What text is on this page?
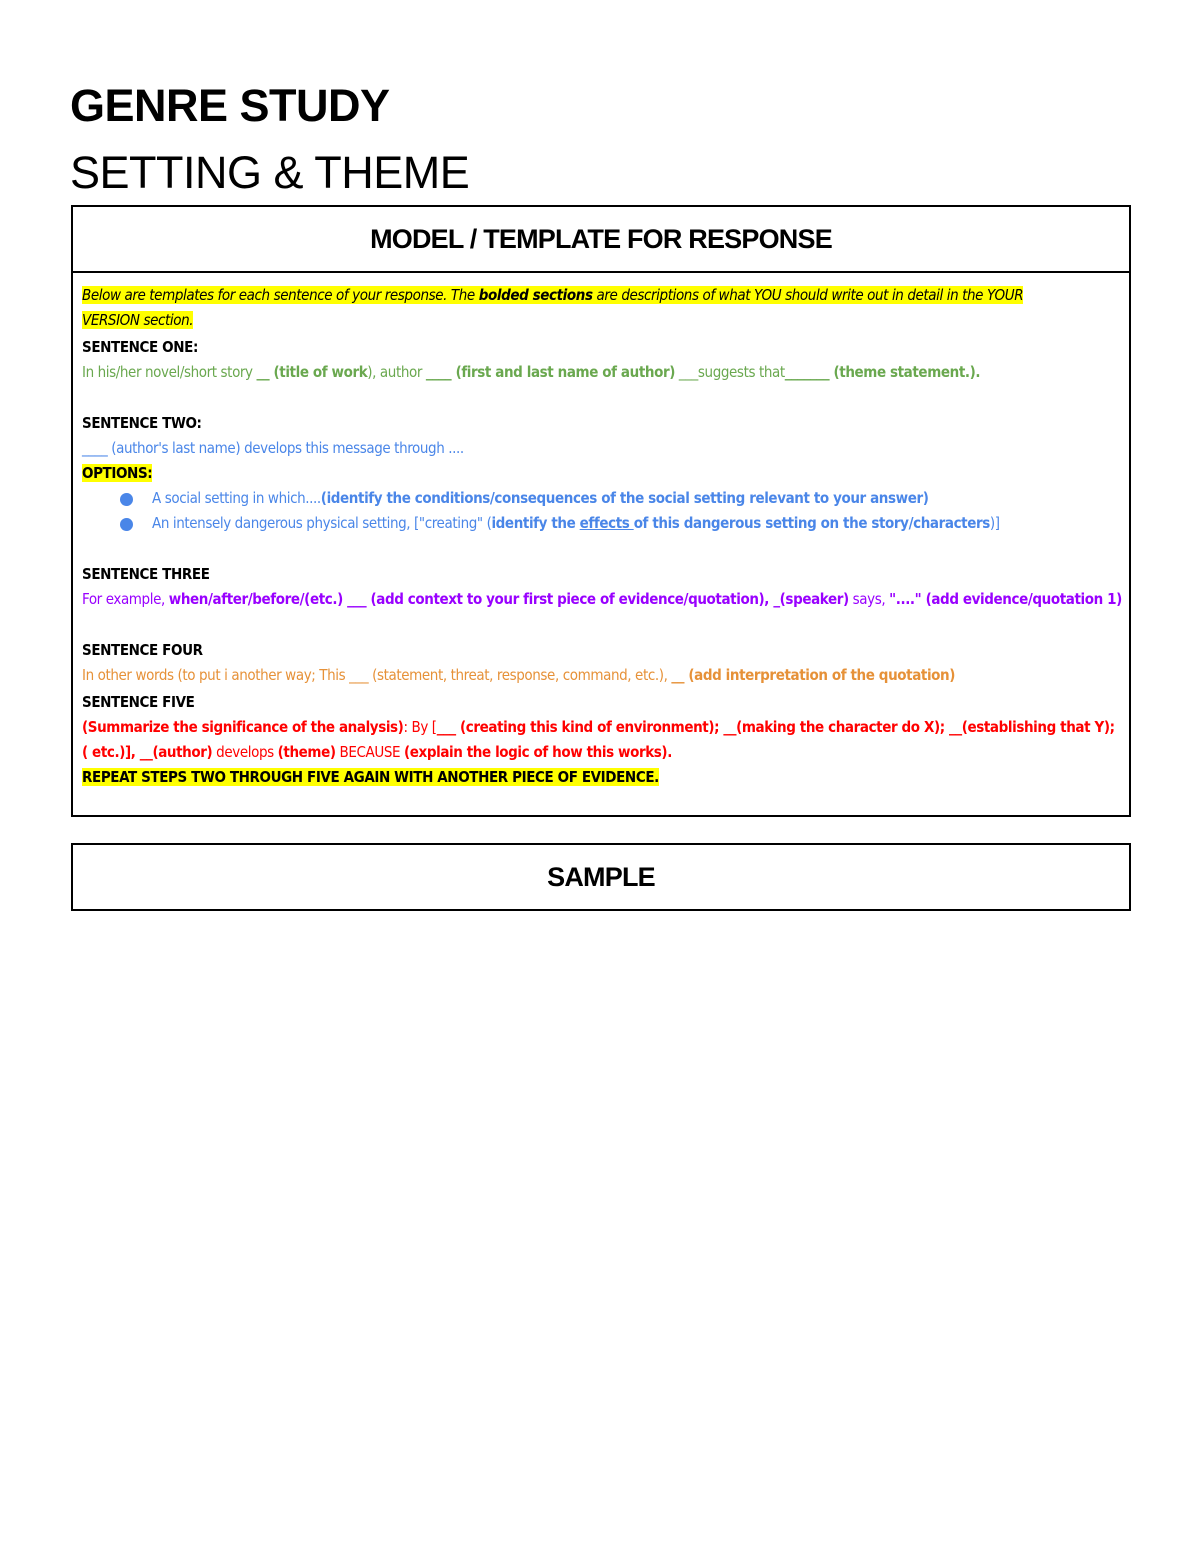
GENRE STUDY
SETTING & THEME
MODEL / TEMPLATE FOR RESPONSE
Below are templates for each sentence of your response. The bolded sections are descriptions of what YOU should write out in detail in the YOUR
VERSION section.
SENTENCE ONE:
In his/her novel/short story __ (title of work), author ____ (first and last name of author) ___suggests that_______ (theme statement.).
SENTENCE TWO:
____ (author's last name) develops this message through ....
OPTIONS:
A social setting in which....(identify the conditions/consequences of the social setting relevant to your answer)
An intensely dangerous physical setting, ["creating" (identify the effects of this dangerous setting on the story/characters)]
SENTENCE THREE
For example, when/after/before/(etc.) ___ (add context to your first piece of evidence/quotation), _(speaker) says, "...." (add evidence/quotation 1)
SENTENCE FOUR
In other words (to put i another way; This ___ (statement, threat, response, command, etc.), __ (add interpretation of the quotation)
SENTENCE FIVE
(Summarize the significance of the analysis): By [___ (creating this kind of environment); __(making the character do X); __(establishing that Y);
( etc.)], __(author) develops (theme) BECAUSE (explain the logic of how this works).
REPEAT STEPS TWO THROUGH FIVE AGAIN WITH ANOTHER PIECE OF EVIDENCE.
SAMPLE
